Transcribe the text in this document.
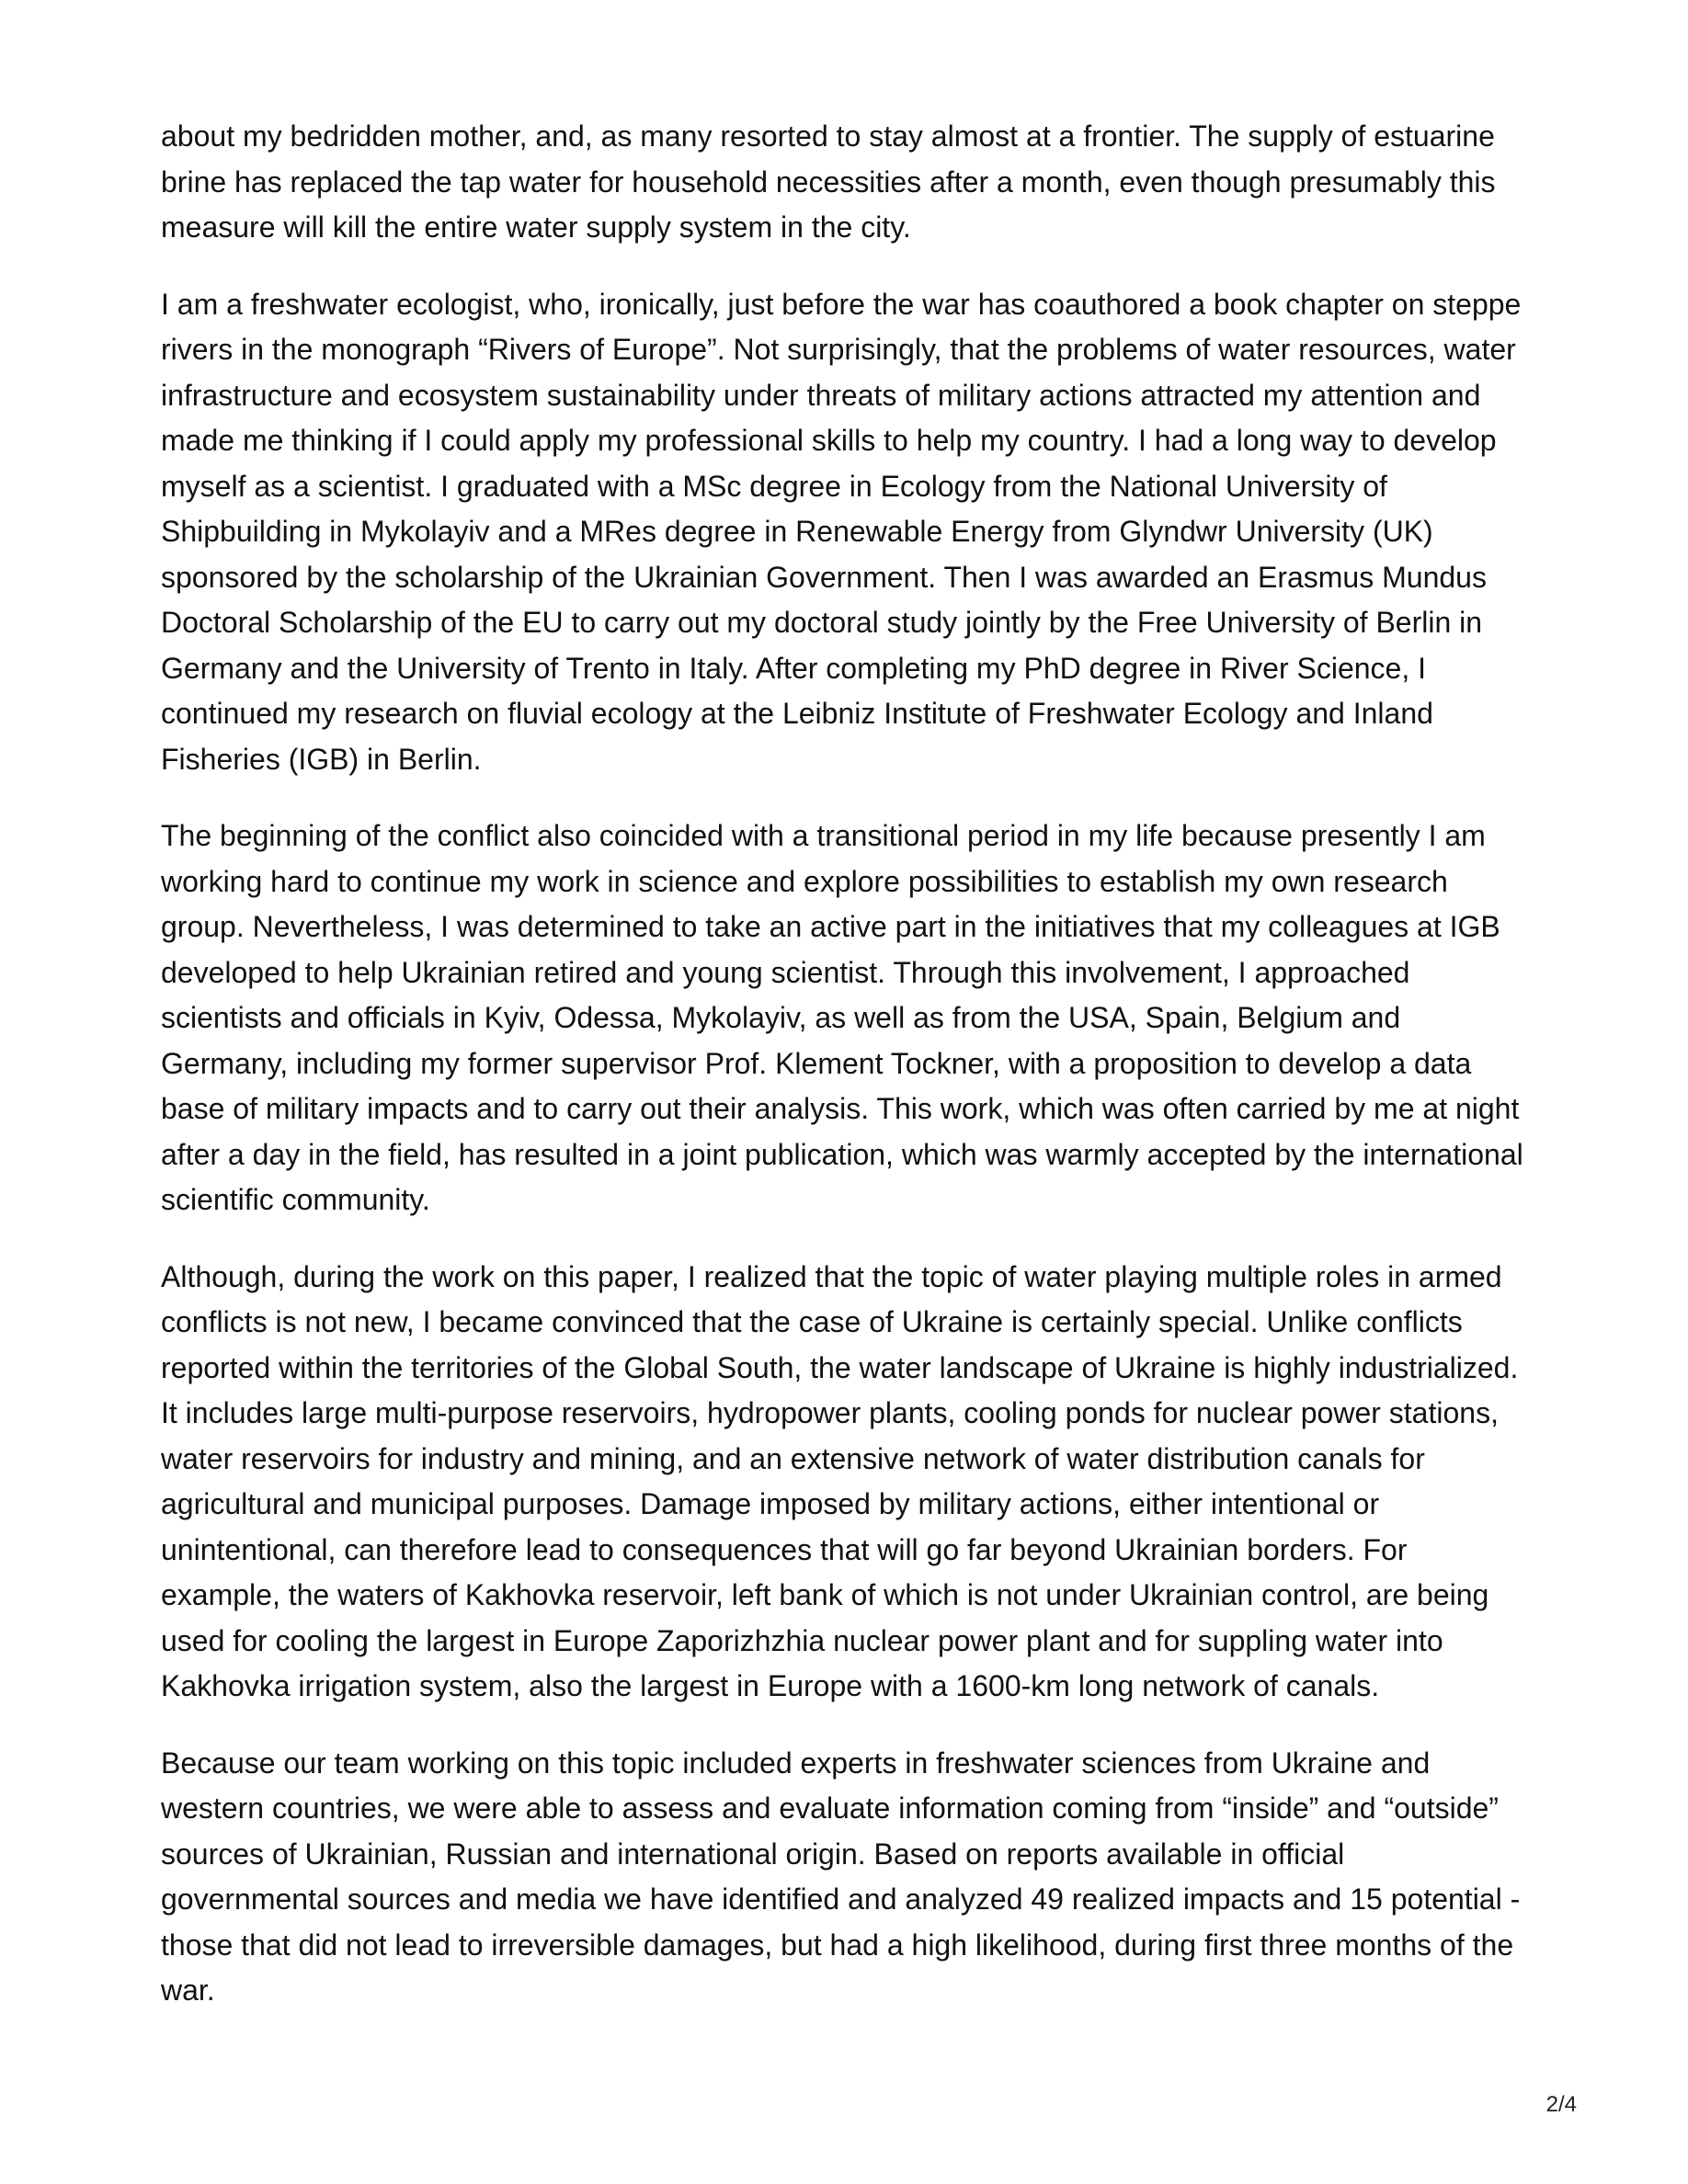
about my bedridden mother, and, as many resorted to stay almost at a frontier. The supply of estuarine brine has replaced the tap water for household necessities after a month, even though presumably this measure will kill the entire water supply system in the city.

I am a freshwater ecologist, who, ironically, just before the war has coauthored a book chapter on steppe rivers in the monograph “Rivers of Europe”. Not surprisingly, that the problems of water resources, water infrastructure and ecosystem sustainability under threats of military actions attracted my attention and made me thinking if I could apply my professional skills to help my country. I had a long way to develop myself as a scientist. I graduated with a MSc degree in Ecology from the National University of Shipbuilding in Mykolayiv and a MRes degree in Renewable Energy from Glyndwr University (UK) sponsored by the scholarship of the Ukrainian Government. Then I was awarded an Erasmus Mundus Doctoral Scholarship of the EU to carry out my doctoral study jointly by the Free University of Berlin in Germany and the University of Trento in Italy. After completing my PhD degree in River Science, I continued my research on fluvial ecology at the Leibniz Institute of Freshwater Ecology and Inland Fisheries (IGB) in Berlin.

The beginning of the conflict also coincided with a transitional period in my life because presently I am working hard to continue my work in science and explore possibilities to establish my own research group. Nevertheless, I was determined to take an active part in the initiatives that my colleagues at IGB developed to help Ukrainian retired and young scientist. Through this involvement, I approached scientists and officials in Kyiv, Odessa, Mykolayiv, as well as from the USA, Spain, Belgium and Germany, including my former supervisor Prof. Klement Tockner, with a proposition to develop a data base of military impacts and to carry out their analysis. This work, which was often carried by me at night after a day in the field, has resulted in a joint publication, which was warmly accepted by the international scientific community.

Although, during the work on this paper, I realized that the topic of water playing multiple roles in armed conflicts is not new, I became convinced that the case of Ukraine is certainly special. Unlike conflicts reported within the territories of the Global South, the water landscape of Ukraine is highly industrialized. It includes large multi-purpose reservoirs, hydropower plants, cooling ponds for nuclear power stations, water reservoirs for industry and mining, and an extensive network of water distribution canals for agricultural and municipal purposes. Damage imposed by military actions, either intentional or unintentional, can therefore lead to consequences that will go far beyond Ukrainian borders. For example, the waters of Kakhovka reservoir, left bank of which is not under Ukrainian control, are being used for cooling the largest in Europe Zaporizhzhia nuclear power plant and for suppling water into Kakhovka irrigation system, also the largest in Europe with a 1600-km long network of canals.

Because our team working on this topic included experts in freshwater sciences from Ukraine and western countries, we were able to assess and evaluate information coming from “inside” and “outside” sources of Ukrainian, Russian and international origin. Based on reports available in official governmental sources and media we have identified and analyzed 49 realized impacts and 15 potential - those that did not lead to irreversible damages, but had a high likelihood, during first three months of the war.

2/4
